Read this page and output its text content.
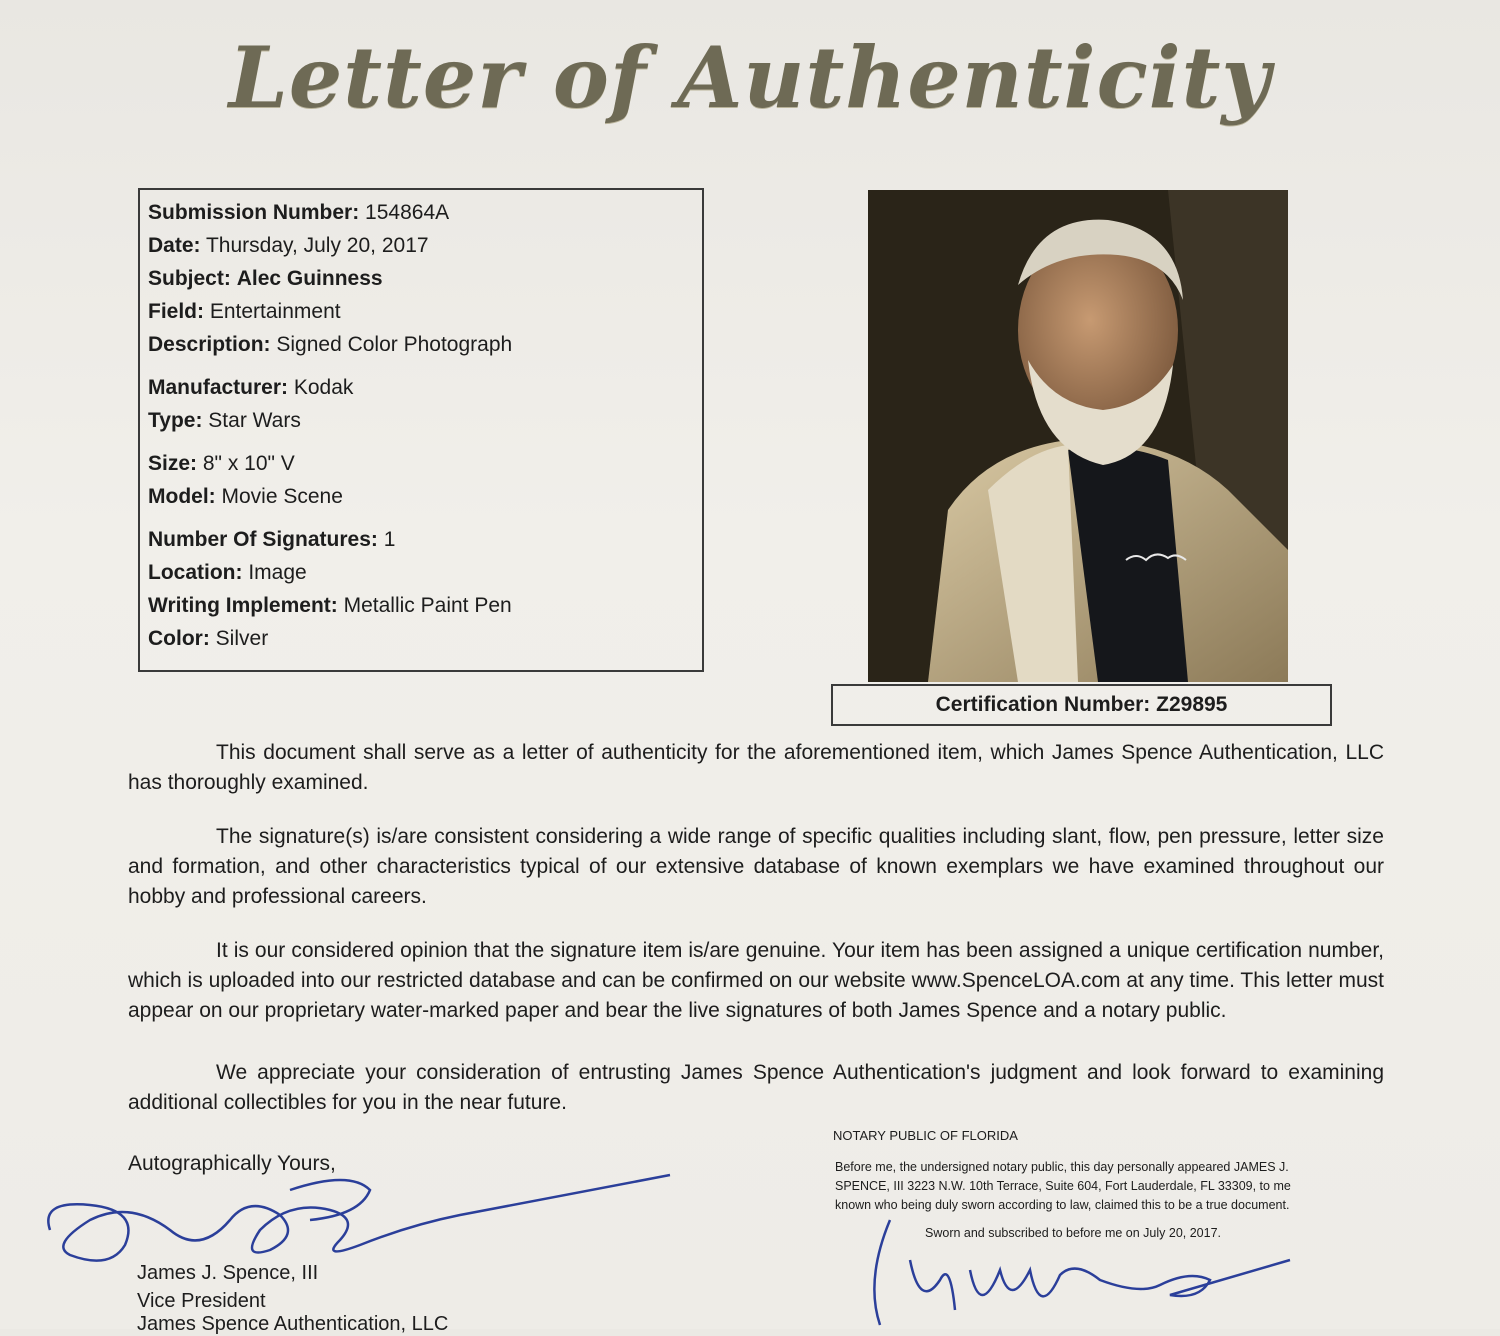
Letter of Authenticity
Submission Number: 154864A
Date: Thursday, July 20, 2017
Subject: Alec Guinness
Field: Entertainment
Description: Signed Color Photograph
Manufacturer: Kodak
Type: Star Wars
Size: 8" x 10" V
Model: Movie Scene
Number Of Signatures: 1
Location: Image
Writing Implement: Metallic Paint Pen
Color: Silver
Certification Number: Z29895
This document shall serve as a letter of authenticity for the aforementioned item, which James Spence Authentication, LLC has thoroughly examined.
The signature(s) is/are consistent considering a wide range of specific qualities including slant, flow, pen pressure, letter size and formation, and other characteristics typical of our extensive database of known exemplars we have examined throughout our hobby and professional careers.
It is our considered opinion that the signature item is/are genuine. Your item has been assigned a unique certification number, which is uploaded into our restricted database and can be confirmed on our website www.SpenceLOA.com at any time. This letter must appear on our proprietary water-marked paper and bear the live signatures of both James Spence and a notary public.
We appreciate your consideration of entrusting James Spence Authentication's judgment and look forward to examining additional collectibles for you in the near future.
Autographically Yours,
James J. Spence, III
Vice President
James Spence Authentication, LLC
NOTARY PUBLIC OF FLORIDA
Before me, the undersigned notary public, this day personally appeared JAMES J. SPENCE, III 3223 N.W. 10th Terrace, Suite 604, Fort Lauderdale, FL 33309, to me known who being duly sworn according to law, claimed this to be a true document.
Sworn and subscribed to before me on July 20, 2017.
